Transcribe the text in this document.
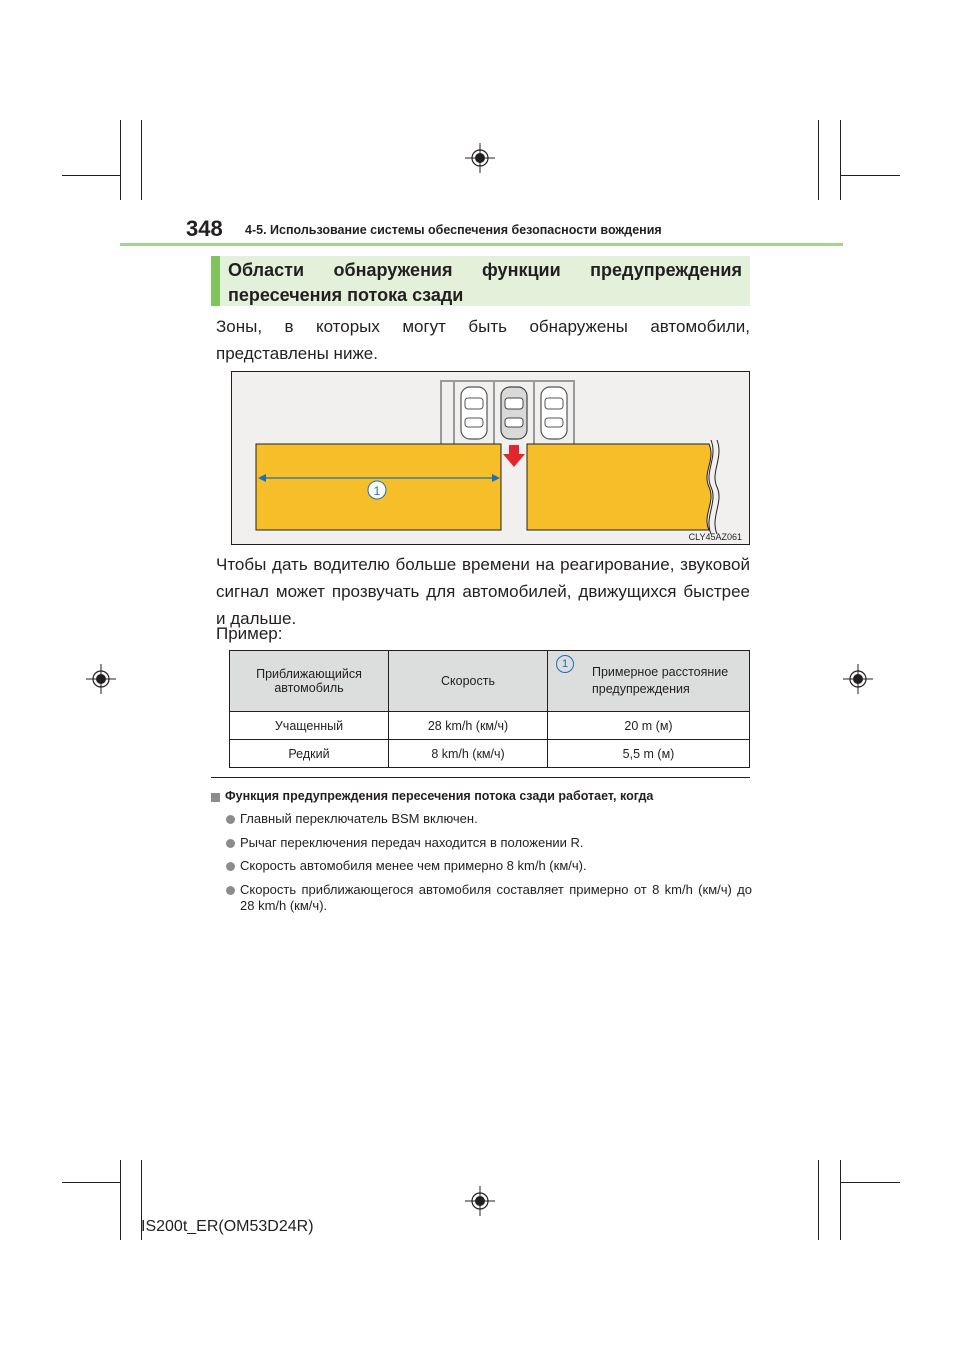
348 4-5. Использование системы обеспечения безопасности вождения
Области обнаружения функции предупреждения пересечения потока сзади
Зоны, в которых могут быть обнаружены автомобили, представлены ниже.
1
CLY45AZ061
Чтобы дать водителю больше времени на реагирование, звуковой сигнал может прозвучать для автомобилей, движущихся быстрее и дальше.
Пример:
Приближающийся автомобиль	Скорость	1
Примерное расстояние предупреждения
Учащенный	28 km/h (км/ч)	20 m (м)
Редкий	8 km/h (км/ч)	5,5 m (м)
Функция предупреждения пересечения потока сзади работает, когда
Главный переключатель BSM включен.
Рычаг переключения передач находится в положении R.
Скорость автомобиля менее чем примерно 8 km/h (км/ч).
Скорость приближающегося автомобиля составляет примерно от 8 km/h (км/ч) до 28 km/h (км/ч).
IS200t_ER(OM53D24R)
